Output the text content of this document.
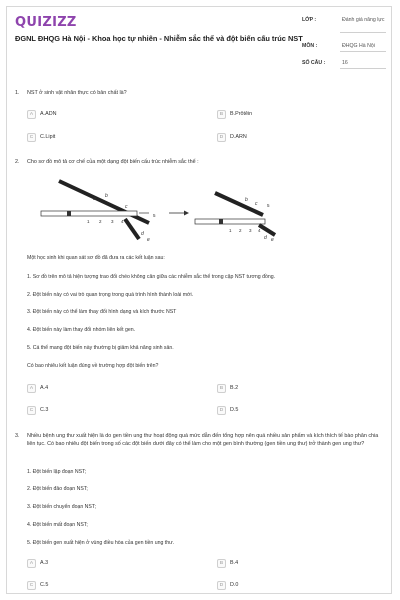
QUIZIZZ
ĐGNL ĐHQG Hà Nội - Khoa học tự nhiên - Nhiễm sắc thể và đột biến cấu trúc NST
LỚP :	Đánh giá năng lực
MÔN :	ĐHQG Hà Nội
SỐ CÂU :	16
1.	NST ở sinh vật nhân thực có bản chất là?
A	A.ADN	B	B.Prôtêin
C	C.Lipit	D	D.ARN
2.	Cho sơ đồ mô tả cơ chế của một dạng đột biến cấu trúc nhiễm sắc thể :
a b
c
d
e
1 2 3 4
5
b
c 5
1 2 3 4
d e
Một học sinh khi quan sát sơ đồ đã đưa ra các kết luận sau:
1. Sơ đồ trên mô tả hiện tượng trao đổi chéo không cân giữa các nhiễm sắc thể trong cặp NST tương đồng.
2. Đột biến này có vai trò quan trọng trong quá trình hình thành loài mới.
3. Đột biến này có thể làm thay đổi hình dạng và kích thước NST
4. Đột biến này làm thay đổi nhóm liên kết gen.
5. Cá thể mang đột biến này thường bị giảm khả năng sinh sản.
Có bao nhiêu kết luận đúng về trường hợp đột biến trên?
A	A.4	B	B.2
C	C.3	D	D.5
3.	Nhiều bệnh ung thư xuất hiện là do gen tiền ung thư hoạt động quá mức dẫn đến tổng hợp nên quá nhiều sản phẩm và kích thích tế bào phân chia liên tục. Có bao nhiêu đột biến trong số các đột biến dưới đây có thể làm cho một gen bình thường (gen tiền ung thư) trở thành gen ung thư?
1. Đột biến lặp đoạn NST;
2. Đột biến đảo đoạn NST;
3. Đột biến chuyển đoạn NST;
4. Đột biến mất đoạn NST;
5. Đột biến gen xuất hiện ở vùng điều hòa của gen tiền ung thư.
A	A.3	B	B.4
C	C.5	D	D.0
